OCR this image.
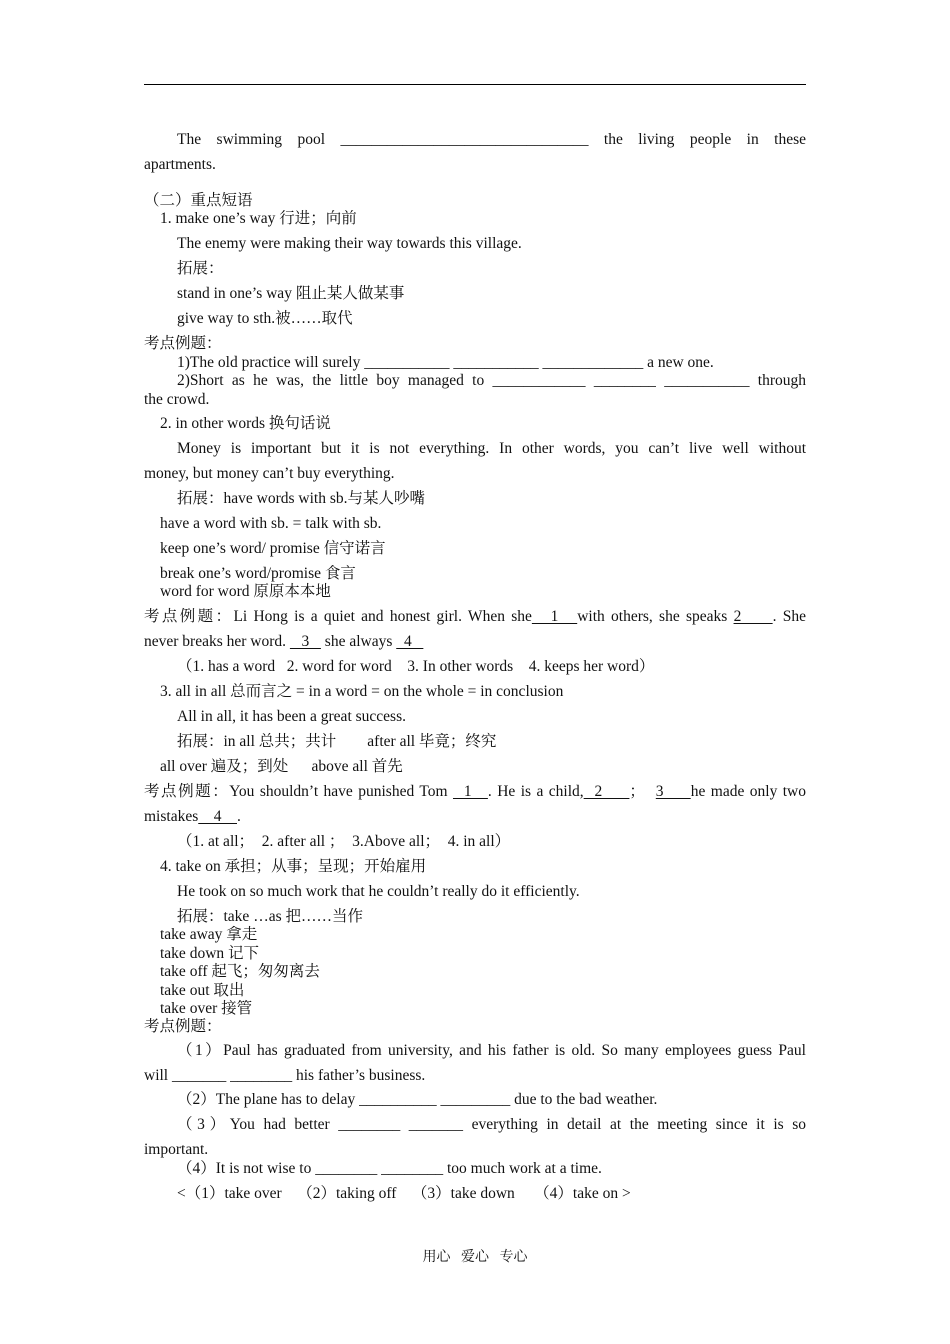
The swimming pool ________________________________ the living people in these
apartments.
（二）重点短语
1. make one’s way 行进；向前
The enemy were making their way towards this village.
拓展：
stand in one’s way 阻止某人做某事
give way to sth.被……取代
考点例题：
1)The old practice will surely ___________ ___________ _____________ a new one.
2)Short as he was, the little boy managed to ____________ ________ ___________ through
the crowd.
2. in other words 换句话说
Money is important but it is not everything. In other words, you can’t live well without
money, but money can’t buy everything.
拓展：have words with sb.与某人吵嘴
have a word with sb. = talk with sb.
keep one’s word/ promise 信守诺言
break one’s word/promise 食言
word for word 原原本本地
考点例题：Li Hong is a quiet and honest girl. When she   1   with others, she speaks 2     . She
never breaks her word.    3    she always   4
（1. has a word   2. word for word    3. In other words    4. keeps her word）
3. all in all 总而言之 = in a word = on the whole = in conclusion
All in all, it has been a great success.
拓展：in all 总共；共计        after all 毕竟；终究
all over 遍及；到处      above all 首先
考点例题：You shouldn’t have punished Tom   1   . He is a child,  2     ；  3     he made only two
mistakes    4    .
（1. at all；  2. after all ；  3.Above all；  4. in all）
4. take on 承担；从事；呈现；开始雇用
He took on so much work that he couldn’t really do it efficiently.
拓展：take …as 把……当作
take away 拿走
take down 记下
take off 起飞；匆匆离去
take out 取出
take over 接管
考点例题：
（1）Paul has graduated from university, and his father is old. So many employees guess Paul
will _______ ________ his father’s business.
（2）The plane has to delay __________ _________ due to the bad weather.
（3）You had better ________ _______ everything in detail at the meeting since it is so
important.
（4）It is not wise to ________ ________ too much work at a time.
<（1）take over    （2）taking off    （3）take down     （4）take on >
用心   爱心   专心
